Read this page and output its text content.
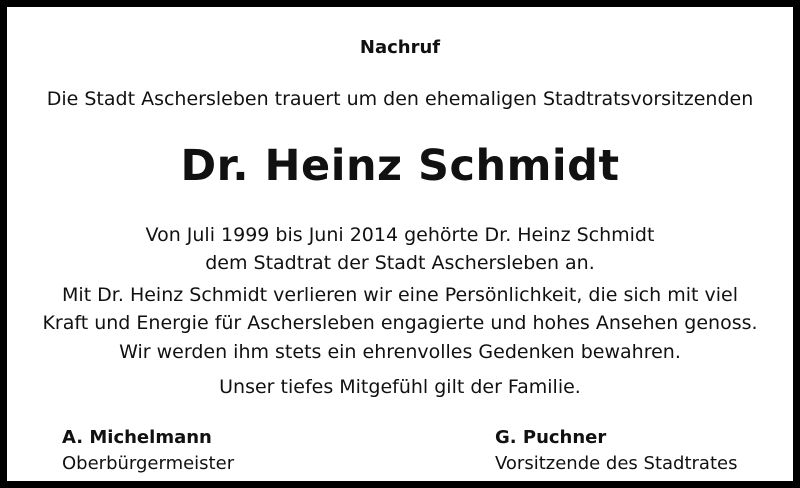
Nachruf
Die Stadt Aschersleben trauert um den ehemaligen Stadtratsvorsitzenden
Dr. Heinz Schmidt
Von Juli 1999 bis Juni 2014 gehörte Dr. Heinz Schmidt
dem Stadtrat der Stadt Aschersleben an.
Mit Dr. Heinz Schmidt verlieren wir eine Persönlichkeit, die sich mit viel
Kraft und Energie für Aschersleben engagierte und hohes Ansehen genoss.
Wir werden ihm stets ein ehrenvolles Gedenken bewahren.
Unser tiefes Mitgefühl gilt der Familie.
A. Michelmann
Oberbürgermeister
G. Puchner
Vorsitzende des Stadtrates
